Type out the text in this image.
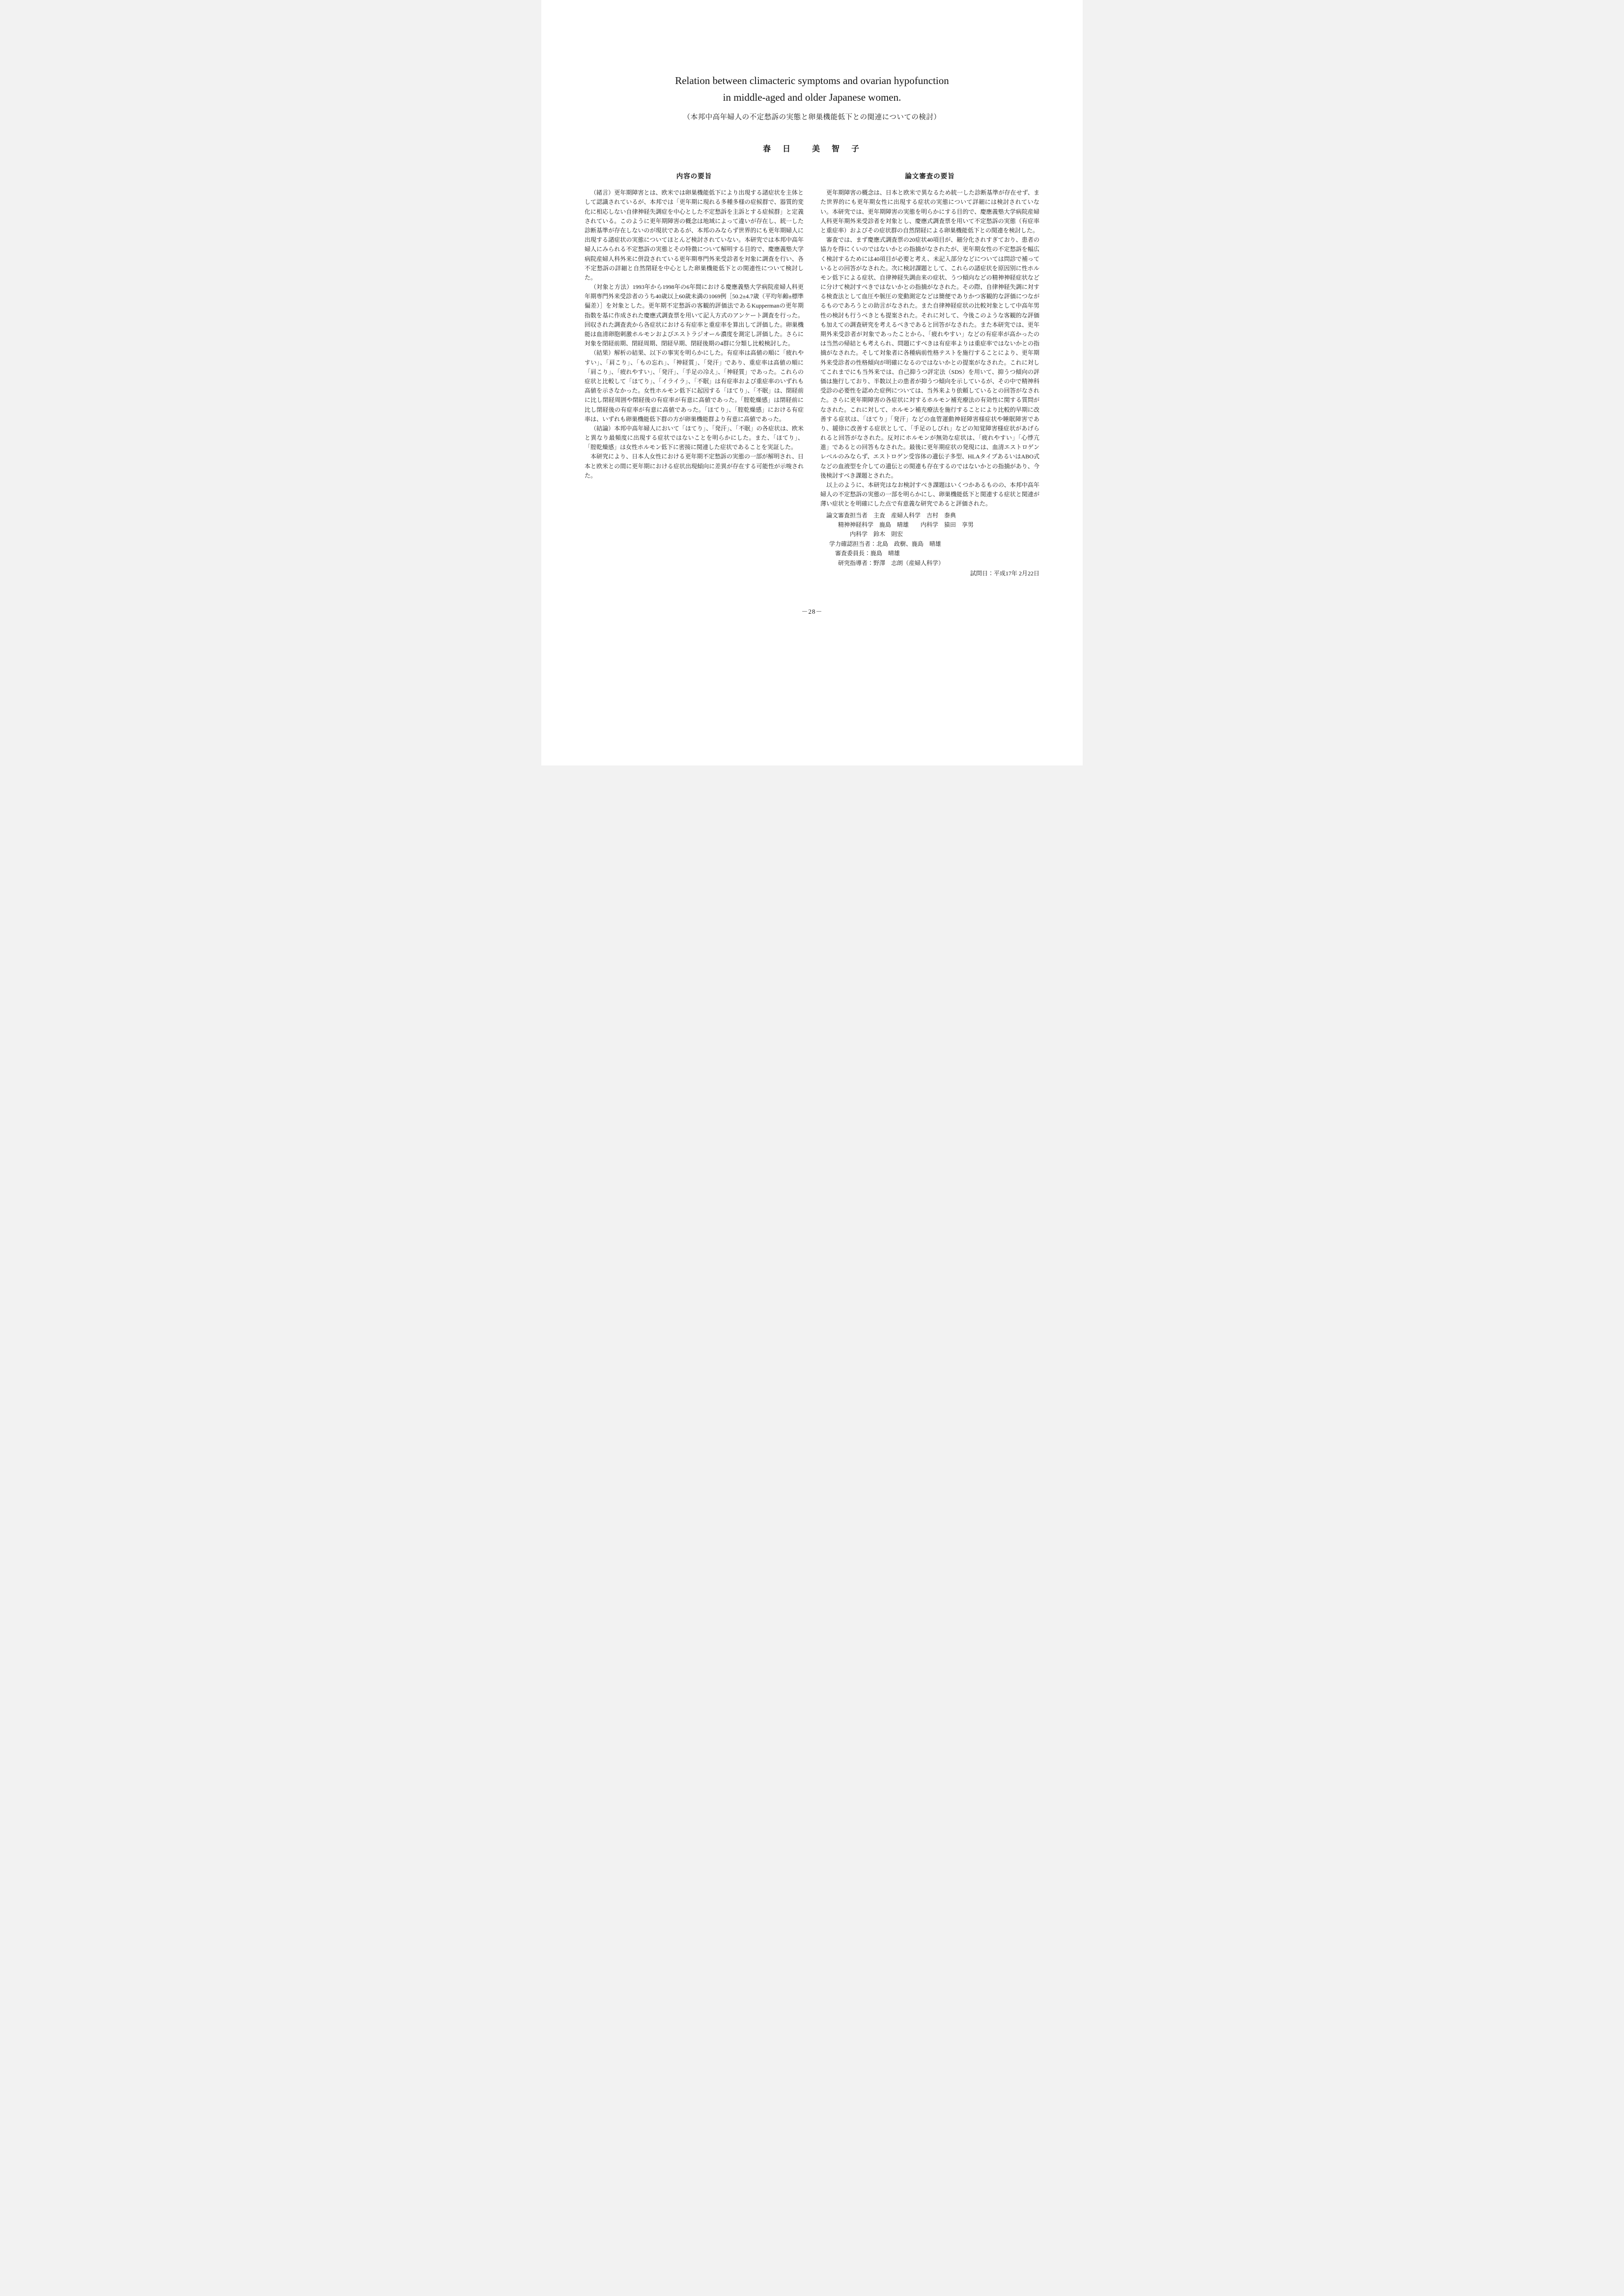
Relation between climacteric symptoms and ovarian hypofunction
in middle-aged and older Japanese women.
（本邦中高年婦人の不定愁訴の実態と卵巣機能低下との関連についての検討）
春　日　　美　智　子
内容の要旨

（緒言）更年期障害とは、欧米では卵巣機能低下により出現する諸症状を主体として認識されているが、本邦では「更年期に現れる多種多様の症候群で、器質的変化に相応しない自律神経失調症を中心とした不定愁訴を主訴とする症候群」と定義されている。このように更年期障害の概念は地域によって違いが存在し、統一した診断基準が存在しないのが現状であるが、本邦のみならず世界的にも更年期婦人に出現する諸症状の実態についてほとんど検討されていない。本研究では本邦中高年婦人にみられる不定愁訴の実態とその特徴について解明する目的で、慶應義塾大学病院産婦人科外来に併設されている更年期専門外来受診者を対象に調査を行い、各不定愁訴の詳細と自然閉経を中心とした卵巣機能低下との関連性について検討した。

（対象と方法）1993年から1998年の6年間における慶應義塾大学病院産婦人科更年期専門外来受診者のうち40歳以上60歳未満の1069例［50.2±4.7歳（平均年齢±標準偏差）］を対象とした。更年期不定愁訴の客観的評価法であるKuppermanの更年期指数を基に作成された慶應式調査票を用いて記入方式のアンケート調査を行った。回収された調査表から各症状における有症率と重症率を算出して評価した。卵巣機能は血清卵胞刺激ホルモンおよびエストラジオール濃度を測定し評価した。さらに対象を閉経前期、閉経周期、閉経早期、閉経後期の4群に分類し比較検討した。

（結果）解析の結果、以下の事実を明らかにした。有症率は高値の順に「疲れやすい」、「肩こり」、「もの忘れ」、「神経質」、「発汗」であり、重症率は高値の順に「肩こり」、「疲れやすい」、「発汗」、「手足の冷え」、「神経質」であった。これらの症状と比較して「ほてり」、「イライラ」、「不眠」は有症率および重症率のいずれも高値を示さなかった。女性ホルモン低下に起因する「ほてり」、「不眠」は、閉経前に比し閉経周囲や閉経後の有症率が有意に高値であった。「腟乾燥感」は閉経前に比し閉経後の有症率が有意に高値であった。「ほてり」、「腟乾燥感」における有症率は、いずれも卵巣機能低下群の方が卵巣機能群より有意に高値であった。

（結論）本邦中高年婦人において「ほてり」、「発汗」、「不眠」の各症状は、欧米と異なり最頻度に出現する症状ではないことを明らかにした。また、「ほてり」、「腟乾燥感」は女性ホルモン低下に密接に関連した症状であることを実証した。

本研究により、日本人女性における更年期不定愁訴の実態の一部が解明され、日本と欧米との間に更年期における症状出現傾向に差異が存在する可能性が示唆された。

論文審査の要旨

更年期障害の概念は、日本と欧米で異なるため統一した診断基準が存在せず、また世界的にも更年期女性に出現する症状の実態について詳細には検討されていない。本研究では、更年期障害の実態を明らかにする目的で、慶應義塾大学病院産婦人科更年期外来受診者を対象とし、慶應式調査票を用いて不定愁訴の実態（有症率と重症率）およびその症状群の自然閉経による卵巣機能低下との関連を検討した。

審査では、まず慶應式調査票の20症状40項目が、細分化されすぎており、患者の協力を得にくいのではないかとの指摘がなされたが、更年期女性の不定愁訴を幅広く検討するためには40項目が必要と考え、未記入部分などについては問診で補っているとの回答がなされた。次に検討課題として、これらの諸症状を原因別に性ホルモン低下による症状、自律神経失調由来の症状、うつ傾向などの精神神経症状などに分けて検討すべきではないかとの指摘がなされた。その際、自律神経失調に対する検査法として血圧や脈圧の変動測定などは簡便でありかつ客観的な評価につながるものであろうとの助言がなされた。また自律神経症状の比較対象として中高年男性の検討も行うべきとも提案された。それに対して、今後このような客観的な評価も加えての調査研究を考えるべきであると回答がなされた。また本研究では、更年期外来受診者が対象であったことから、「疲れやすい」などの有症率が高かったのは当然の帰結とも考えられ、問題にすべきは有症率よりは重症率ではないかとの指摘がなされた。そして対象者に各種病前性格テストを施行することにより、更年期外来受診者の性格傾向が明確になるのではないかとの提案がなされた。これに対してこれまでにも当外来では、自己抑うつ評定法（SDS）を用いて、抑うつ傾向の評価は施行しており、半数以上の患者が抑うつ傾向を示しているが、その中で精神科受診の必要性を認めた症例については、当外来より依頼しているとの回答がなされた。さらに更年期障害の各症状に対するホルモン補充療法の有効性に関する質問がなされた。これに対して、ホルモン補充療法を施行することにより比較的早期に改善する症状は、「ほてり」「発汗」などの血管運動神経障害様症状や睡眠障害であり、緩徐に改善する症状として、「手足のしびれ」などの知覚障害様症状があげられると回答がなされた。反対にホルモンが無効な症状は、「疲れやすい」「心悸亢進」であるとの回答もなされた。最後に更年期症状の発現には、血清エストロゲンレベルのみならず、エストロゲン受容体の遺伝子多型、HLAタイプあるいはABO式などの血液型を介しての遺伝との関連も存在するのではないかとの指摘があり、今後検討すべき課題とされた。

以上のように、本研究はなお検討すべき課題はいくつかあるものの、本邦中高年婦人の不定愁訴の実態の一部を明らかにし、卵巣機能低下と関連する症状と関連が薄い症状とを明確にした点で有意義な研究であると評価された。

論文審査担当者　主査　産婦人科学　吉村　泰典
精神神経科学　鹿島　晴雄　　内科学　猿田　享男
内科学　鈴木　則宏
学力確認担当者：北島　政樹、鹿島　晴雄
審査委員長：鹿島　晴雄
研究指導者：野澤　志朗（産婦人科学）
試問日：平成17年 2月22日
－28－
